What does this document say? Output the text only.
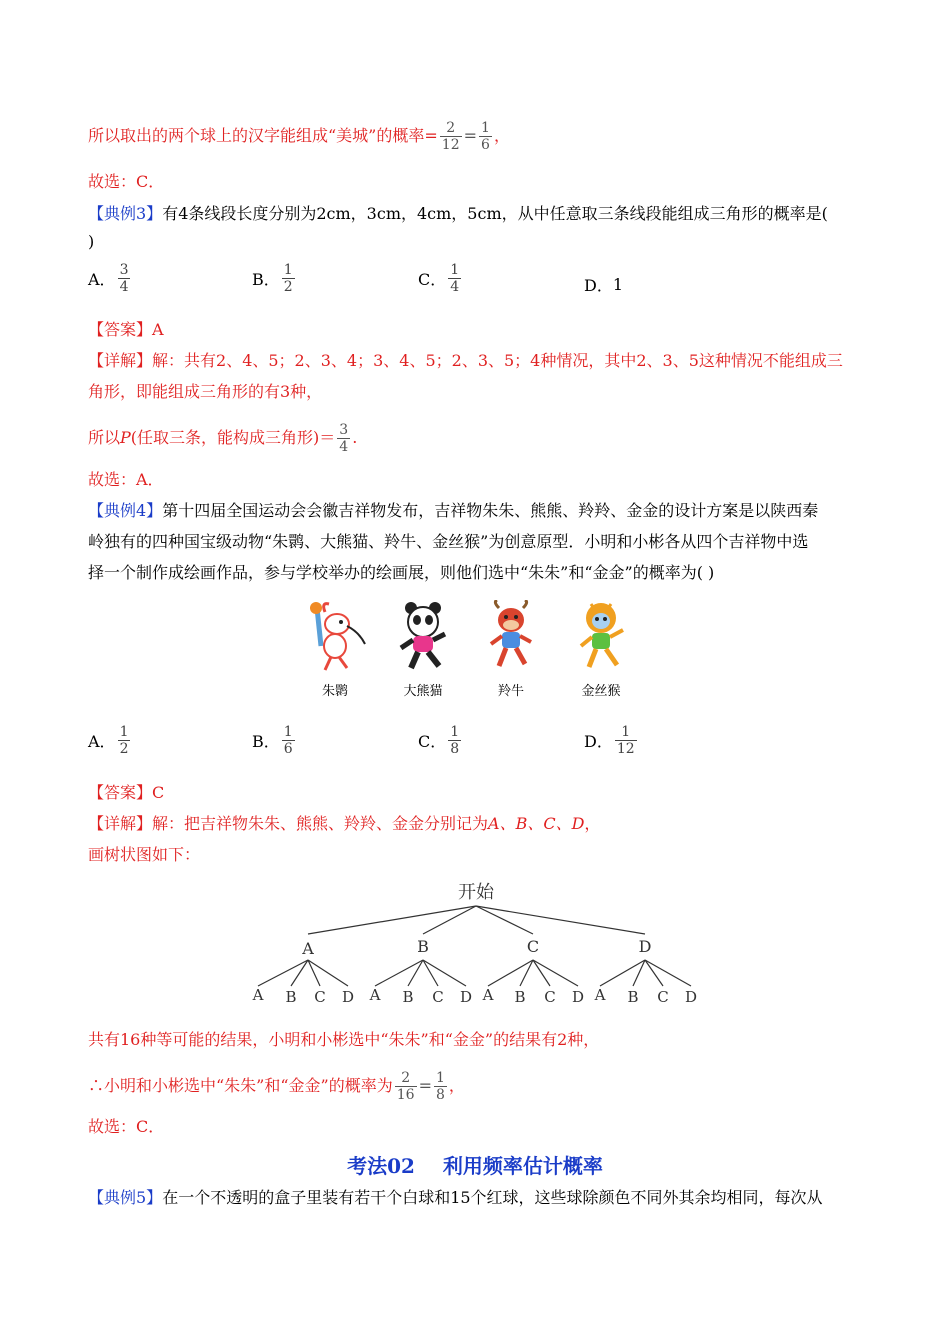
所以取出的两个球上的汉字能组成“美城”的概率= $\frac{2}{12} = \frac{1}{6}$ ，
故选：C．
【典例3】有4条线段长度分别为2cm，3cm，4cm，5cm，从中任意取三条线段能组成三角形的概率是(
)
A． $\frac{3}{4}$	B． $\frac{1}{2}$	C． $\frac{1}{4}$	D． 1
【答案】A
【详解】解：共有2、4、5；2、3、4；3、4、5；2、3、5；4种情况，其中2、3、5这种情况不能组成三
角形，即能组成三角形的有3种，
所以P(任取三条，能构成三角形)＝ $\frac{3}{4}$ .
故选：A．
【典例4】第十四届全国运动会会徽吉祥物发布，吉祥物朱朱、熊熊、羚羚、金金的设计方案是以陕西秦
岭独有的四种国宝级动物“朱鹮、大熊猫、羚牛、金丝猴”为创意原型．小明和小彬各从四个吉祥物中选
择一个制作成绘画作品，参与学校举办的绘画展，则他们选中“朱朱”和“金金”的概率为( )
朱鹮	大熊猫	羚牛	金丝猴
A． $\frac{1}{2}$	B． $\frac{1}{6}$	C． $\frac{1}{8}$	D． $\frac{1}{12}$
【答案】C
【详解】解：把吉祥物朱朱、熊熊、羚羚、金金分别记为A、B、C、D，
画树状图如下：
开始
A	B	C	D
A B C D A B C D A B C D A B C D
共有16种等可能的结果，小明和小彬选中“朱朱”和“金金”的结果有2种，
∴小明和小彬选中“朱朱”和“金金”的概率为 $\frac{2}{16} = \frac{1}{8}$ ，
故选：C．
考法02 利用频率估计概率
【典例5】在一个不透明的盒子里装有若干个白球和15个红球，这些球除颜色不同外其余均相同，每次从
